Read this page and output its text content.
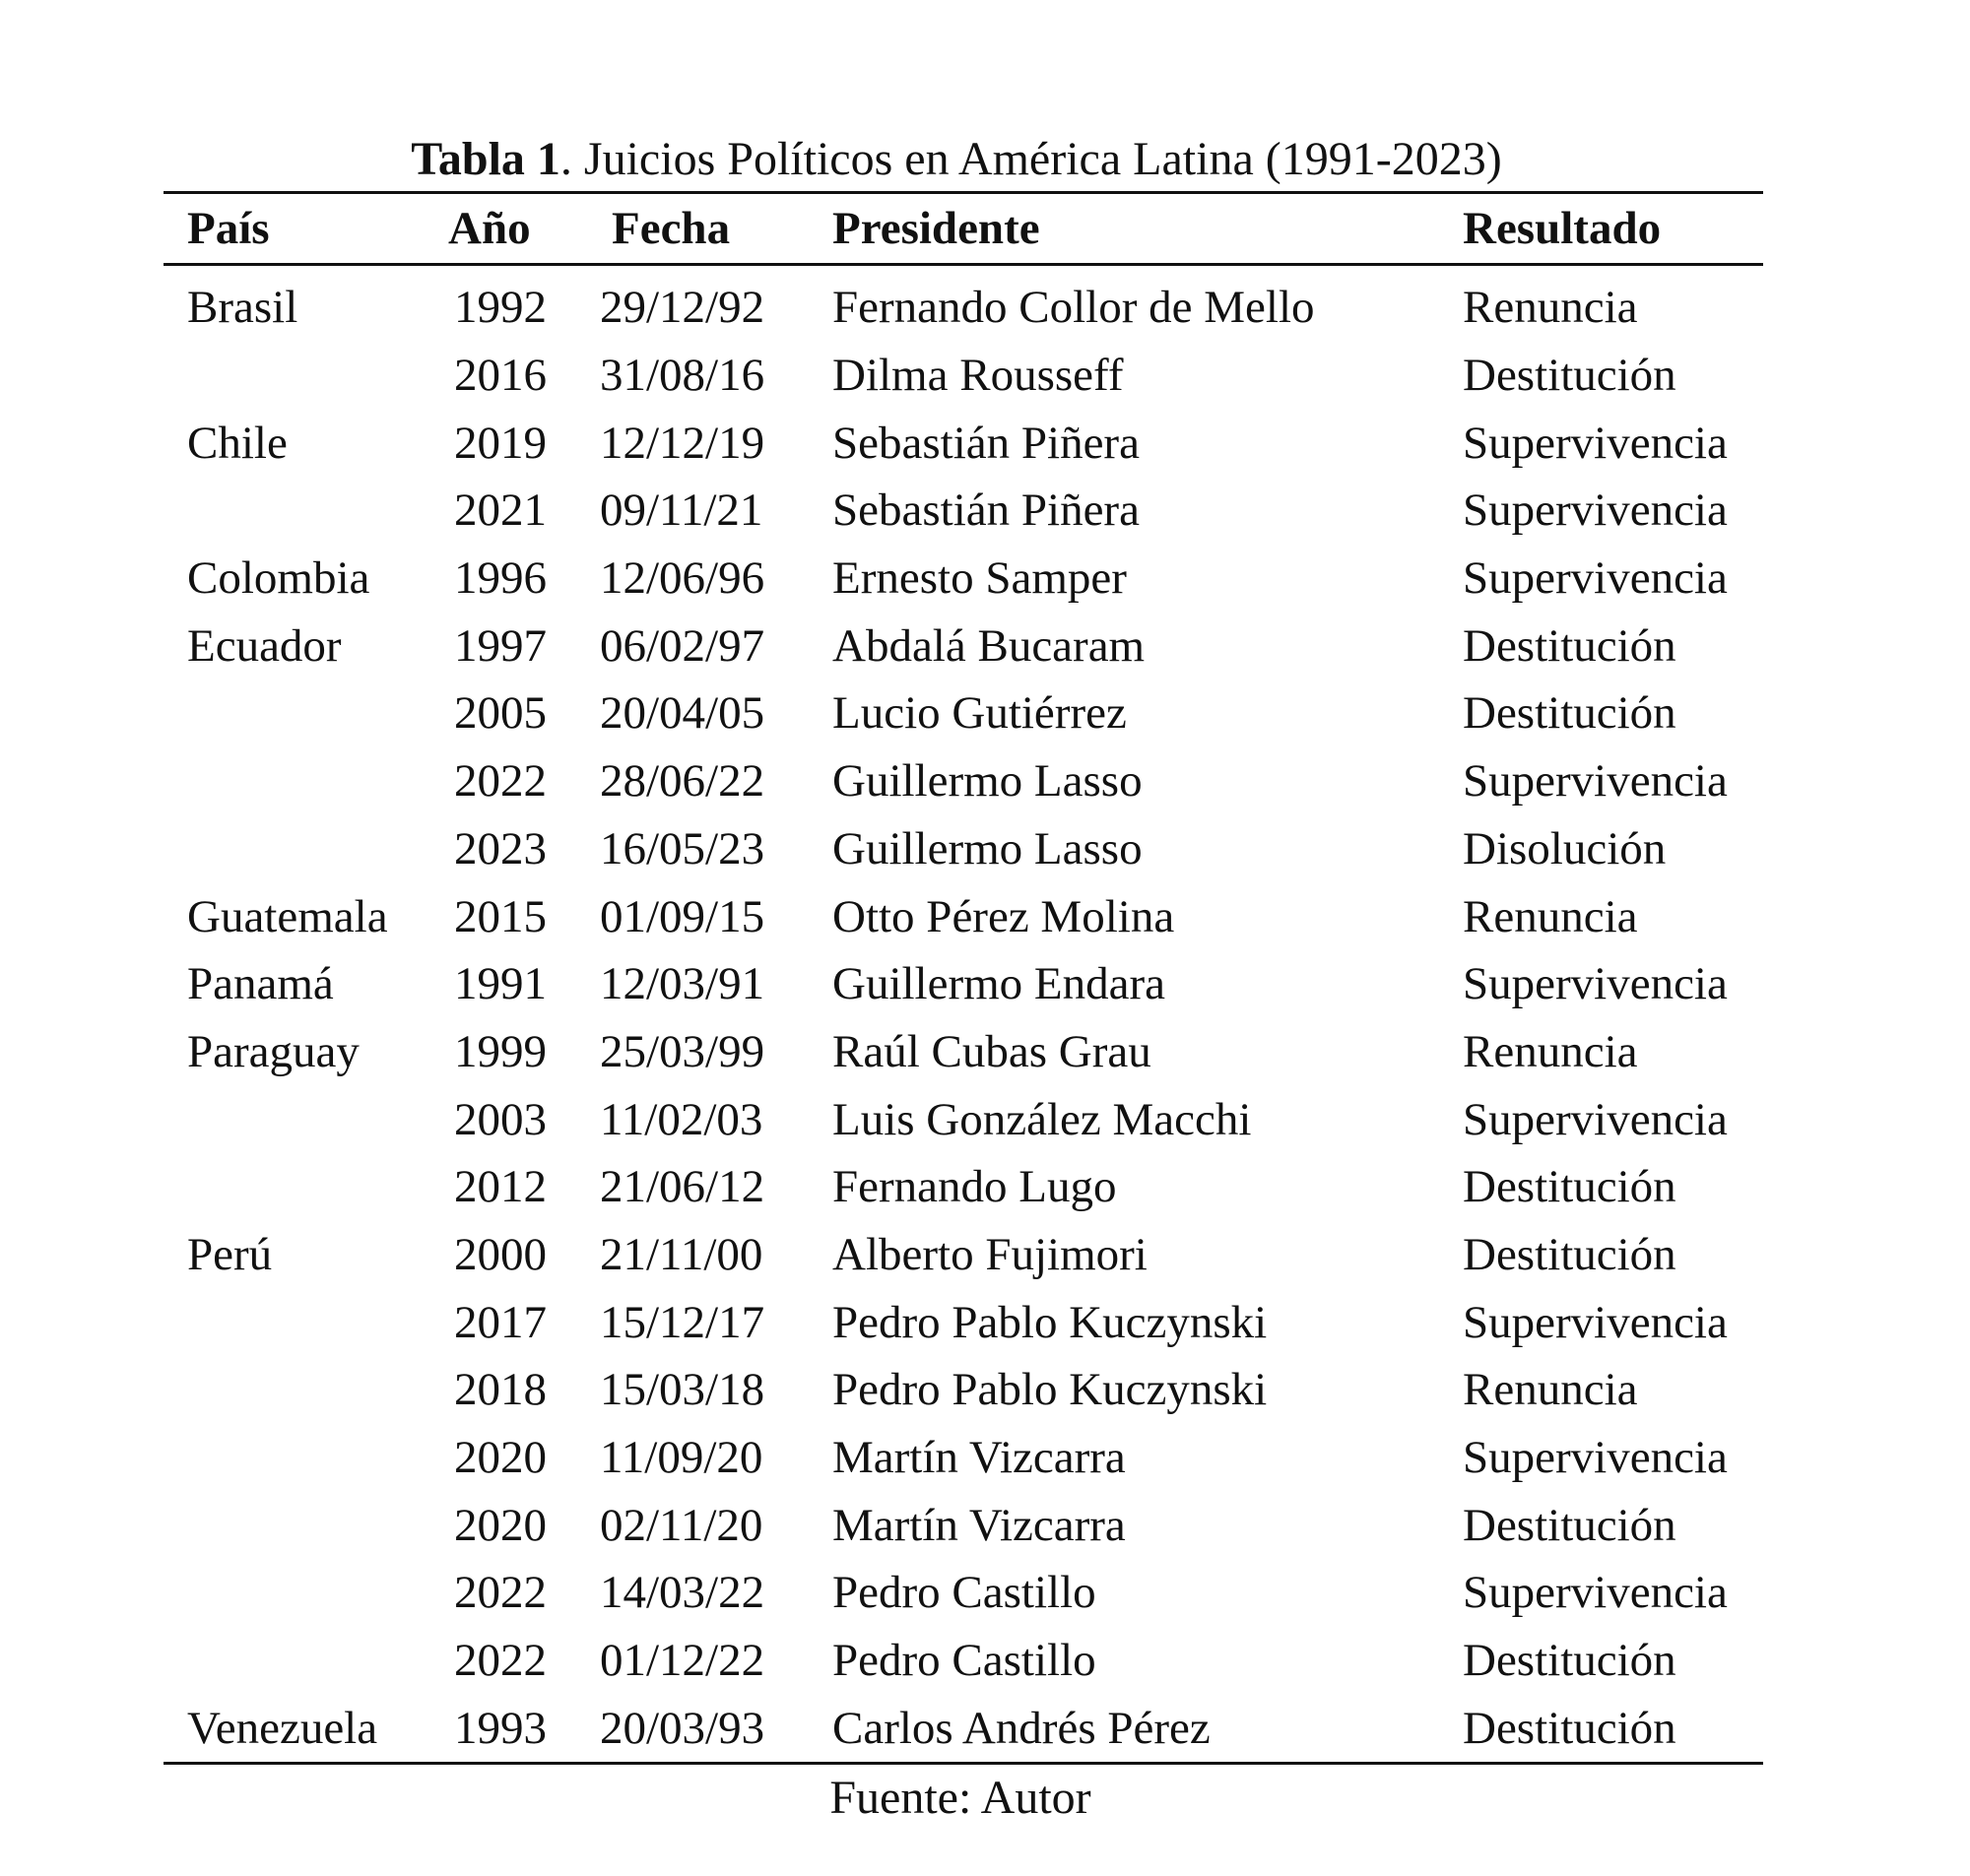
Tabla 1. Juicios Políticos en América Latina (1991-2023)
País	Año	Fecha	Presidente	Resultado
Brasil	1992	29/12/92	Fernando Collor de Mello	Renuncia
	2016	31/08/16	Dilma Rousseff	Destitución
Chile	2019	12/12/19	Sebastián Piñera	Supervivencia
	2021	09/11/21	Sebastián Piñera	Supervivencia
Colombia	1996	12/06/96	Ernesto Samper	Supervivencia
Ecuador	1997	06/02/97	Abdalá Bucaram	Destitución
	2005	20/04/05	Lucio Gutiérrez	Destitución
	2022	28/06/22	Guillermo Lasso	Supervivencia
	2023	16/05/23	Guillermo Lasso	Disolución
Guatemala	2015	01/09/15	Otto Pérez Molina	Renuncia
Panamá	1991	12/03/91	Guillermo Endara	Supervivencia
Paraguay	1999	25/03/99	Raúl Cubas Grau	Renuncia
	2003	11/02/03	Luis González Macchi	Supervivencia
	2012	21/06/12	Fernando Lugo	Destitución
Perú	2000	21/11/00	Alberto Fujimori	Destitución
	2017	15/12/17	Pedro Pablo Kuczynski	Supervivencia
	2018	15/03/18	Pedro Pablo Kuczynski	Renuncia
	2020	11/09/20	Martín Vizcarra	Supervivencia
	2020	02/11/20	Martín Vizcarra	Destitución
	2022	14/03/22	Pedro Castillo	Supervivencia
	2022	01/12/22	Pedro Castillo	Destitución
Venezuela	1993	20/03/93	Carlos Andrés Pérez	Destitución
Fuente: Autor
